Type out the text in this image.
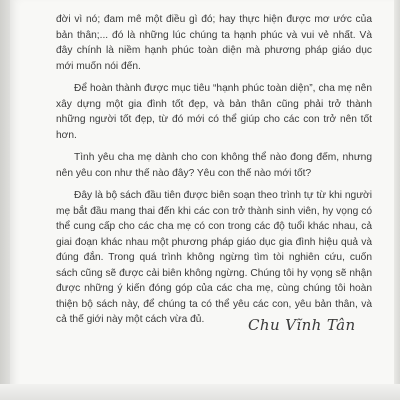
đời vì nó; đam mê một điều gì đó; hay thực hiện được mơ ước của bản thân;... đó là những lúc chúng ta hạnh phúc và vui vẻ nhất. Và đây chính là niềm hạnh phúc toàn diện mà phương pháp giáo dục mới muốn nói đến.

Để hoàn thành được mục tiêu “hạnh phúc toàn diện”, cha mẹ nên xây dựng một gia đình tốt đẹp, và bản thân cũng phải trở thành những người tốt đẹp, từ đó mới có thể giúp cho các con trở nên tốt hơn.

Tình yêu cha mẹ dành cho con không thể nào đong đếm, nhưng nên yêu con như thế nào đây? Yêu con thế nào mới tốt?

Đây là bộ sách đầu tiên được biên soạn theo trình tự từ khi người mẹ bắt đầu mang thai đến khi các con trở thành sinh viên, hy vọng có thể cung cấp cho các cha mẹ có con trong các độ tuổi khác nhau, cả giai đoạn khác nhau một phương pháp giáo dục gia đình hiệu quả và đúng đắn. Trong quá trình không ngừng tìm tòi nghiên cứu, cuốn sách cũng sẽ được cải biên không ngừng. Chúng tôi hy vọng sẽ nhận được những ý kiến đóng góp của các cha mẹ, cùng chúng tôi hoàn thiện bộ sách này, để chúng ta có thể yêu các con, yêu bản thân, và cả thế giới này một cách vừa đủ.	Chu Vĩnh Tân
